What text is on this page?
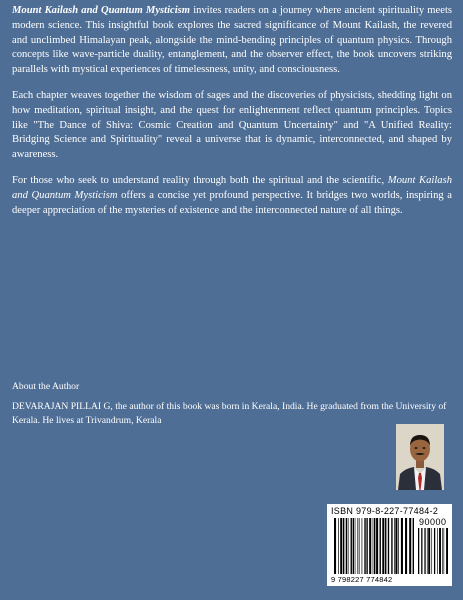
Mount Kailash and Quantum Mysticism invites readers on a journey where ancient spirituality meets modern science. This insightful book explores the sacred significance of Mount Kailash, the revered and unclimbed Himalayan peak, alongside the mind-bending principles of quantum physics. Through concepts like wave-particle duality, entanglement, and the observer effect, the book uncovers striking parallels with mystical experiences of timelessness, unity, and consciousness.

Each chapter weaves together the wisdom of sages and the discoveries of physicists, shedding light on how meditation, spiritual insight, and the quest for enlightenment reflect quantum principles. Topics like "The Dance of Shiva: Cosmic Creation and Quantum Uncertainty" and "A Unified Reality: Bridging Science and Spirituality" reveal a universe that is dynamic, interconnected, and shaped by awareness.

For those who seek to understand reality through both the spiritual and the scientific, Mount Kailash and Quantum Mysticism offers a concise yet profound perspective. It bridges two worlds, inspiring a deeper appreciation of the mysteries of existence and the interconnected nature of all things.

About the Author
DEVARAJAN PILLAI G, the author of this book was born in Kerala, India. He graduated from the University of Kerala. He lives at Trivandrum, Kerala
ISBN 979-8-227-77484-2
90000
9 798227 774842
